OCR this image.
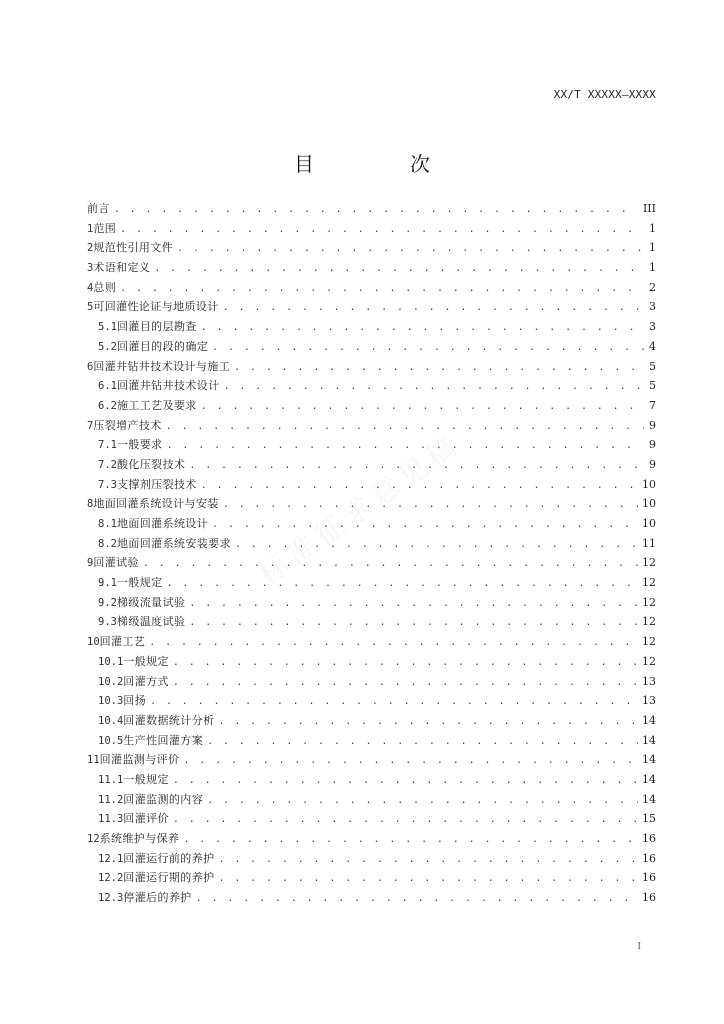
XX/T XXXXX—XXXX
目　次
前言 . . .	III
1 范围 . . .	1
2 规范性引用文件 . . .	1
3 术语和定义 . . .	1
4 总则 . . .	2
5 可回灌性论证与地质设计 . . .	3
5.1 回灌目的层勘查 . . .	3
5.2 回灌目的段的确定 . . .	4
6 回灌井钻井技术设计与施工 . . .	5
6.1 回灌井钻井技术设计 . . .	5
6.2 施工工艺及要求 . . .	7
7 压裂增产技术 . . .	9
7.1 一般要求 . . .	9
7.2 酸化压裂技术 . . .	9
7.3 支撑剂压裂技术 . . .	10
8 地面回灌系统设计与安装 . . .	10
8.1 地面回灌系统设计 . . .	10
8.2 地面回灌系统安装要求 . . .	11
9 回灌试验 . . .	12
9.1 一般规定 . . .	12
9.2 梯级流量试验 . . .	12
9.3 梯级温度试验 . . .	12
10 回灌工艺 . . .	12
10.1 一般规定 . . .	12
10.2 回灌方式 . . .	13
10.3 回扬 . . .	13
10.4 回灌数据统计分析 . . .	14
10.5 生产性回灌方案 . . .	14
11 回灌监测与评价 . . .	14
11.1 一般规定 . . .	14
11.2 回灌监测的内容 . . .	14
11.3 回灌评价 . . .	15
12 系统维护与保养 . . .	16
12.1 回灌运行前的养护 . . .	16
12.2 回灌运行期的养护 . . .	16
12.3 停灌后的养护 . . .	16
I
